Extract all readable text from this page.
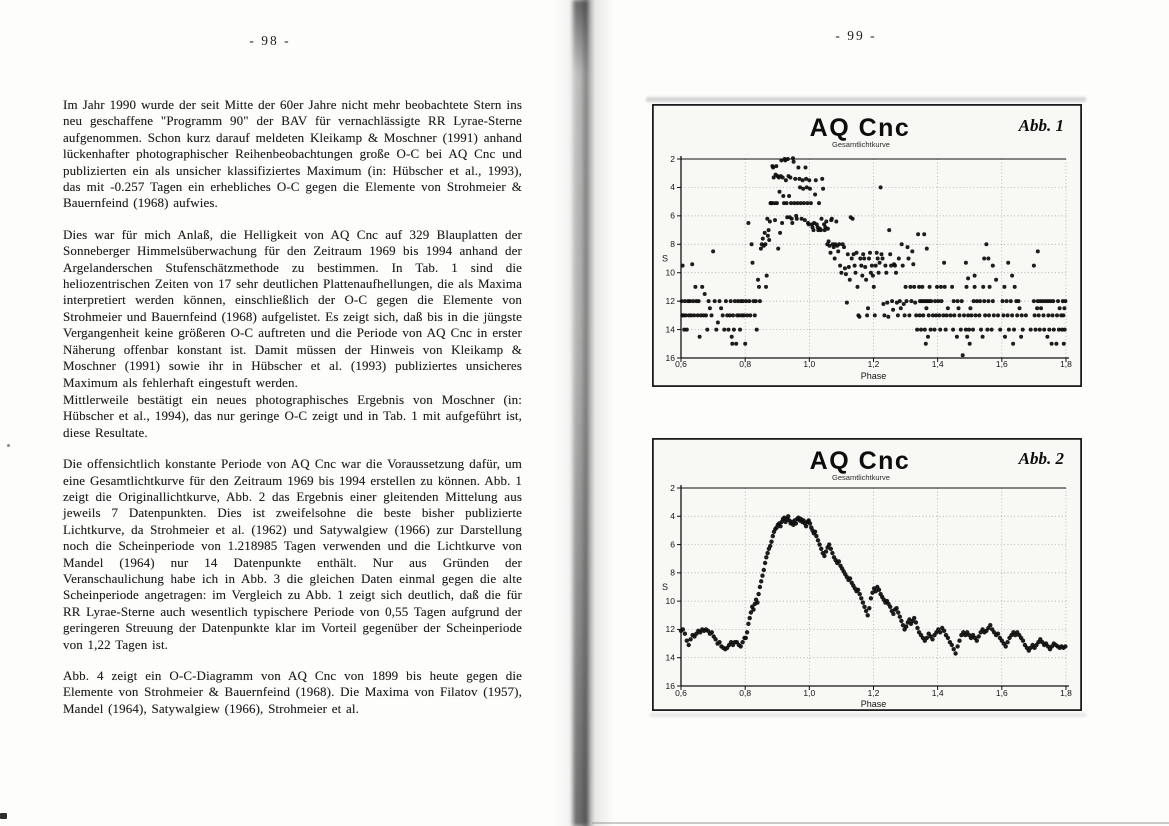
- 98 -

Im Jahr 1990 wurde der seit Mitte der 60er Jahre nicht mehr beobachtete Stern ins neu geschaffene "Programm 90" der BAV für vernachlässigte RR Lyrae-Sterne aufgenommen. Schon kurz darauf meldeten Kleikamp & Moschner (1991) anhand lückenhafter photographischer Reihenbeobachtungen große O-C bei AQ Cnc und publizierten ein als unsicher klassifiziertes Maximum (in: Hübscher et al., 1993), das mit -0.257 Tagen ein erhebliches O-C gegen die Elemente von Strohmeier & Bauernfeind (1968) aufwies.

Dies war für mich Anlaß, die Helligkeit von AQ Cnc auf 329 Blauplatten der Sonneberger Himmelsüberwachung für den Zeitraum 1969 bis 1994 anhand der Argelanderschen Stufenschätzmethode zu bestimmen. In Tab. 1 sind die heliozentrischen Zeiten von 17 sehr deutlichen Plattenaufhellungen, die als Maxima interpretiert werden können, einschließlich der O-C gegen die Elemente von Strohmeier und Bauernfeind (1968) aufgelistet. Es zeigt sich, daß bis in die jüngste Vergangenheit keine größeren O-C auftreten und die Periode von AQ Cnc in erster Näherung offenbar konstant ist. Damit müssen der Hinweis von Kleikamp & Moschner (1991) sowie ihr in Hübscher et al. (1993) publiziertes unsicheres Maximum als fehlerhaft eingestuft werden.

Mittlerweile bestätigt ein neues photographisches Ergebnis von Moschner (in: Hübscher et al., 1994), das nur geringe O-C zeigt und in Tab. 1 mit aufgeführt ist, diese Resultate.

Die offensichtlich konstante Periode von AQ Cnc war die Voraussetzung dafür, um eine Gesamtlichtkurve für den Zeitraum 1969 bis 1994 erstellen zu können. Abb. 1 zeigt die Originallichtkurve, Abb. 2 das Ergebnis einer gleitenden Mittelung aus jeweils 7 Datenpunkten. Dies ist zweifelsohne die beste bisher publizierte Lichtkurve, da Strohmeier et al. (1962) und Satywalgiew (1966) zur Darstellung noch die Scheinperiode von 1.218985 Tagen verwenden und die Lichtkurve von Mandel (1964) nur 14 Datenpunkte enthält. Nur aus Gründen der Veranschaulichung habe ich in Abb. 3 die gleichen Daten einmal gegen die alte Scheinperiode angetragen: im Vergleich zu Abb. 1 zeigt sich deutlich, daß die für RR Lyrae-Sterne auch wesentlich typischere Periode von 0,55 Tagen aufgrund der geringeren Streuung der Datenpunkte klar im Vorteil gegenüber der Scheinperiode von 1,22 Tagen ist.

Abb. 4 zeigt ein O-C-Diagramm von AQ Cnc von 1899 bis heute gegen die Elemente von Strohmeier & Bauernfeind (1968). Die Maxima von Filatov (1957), Mandel (1964), Satywalgiew (1966), Strohmeier et al.

- 99 -
AQ Cnc
Gesamtlichtkurve
Abb. 1
0,6	0,8	1,0	1,2	1,4	1,6	1,8
2
4
6
8
10
12
14
16
S
Phase
AQ Cnc
Gesamtlichtkurve
Abb. 2
0,6	0,8	1,0	1,2	1,4	1,6	1,8
2
4
6
8
10
12
14
16
S
Phase
